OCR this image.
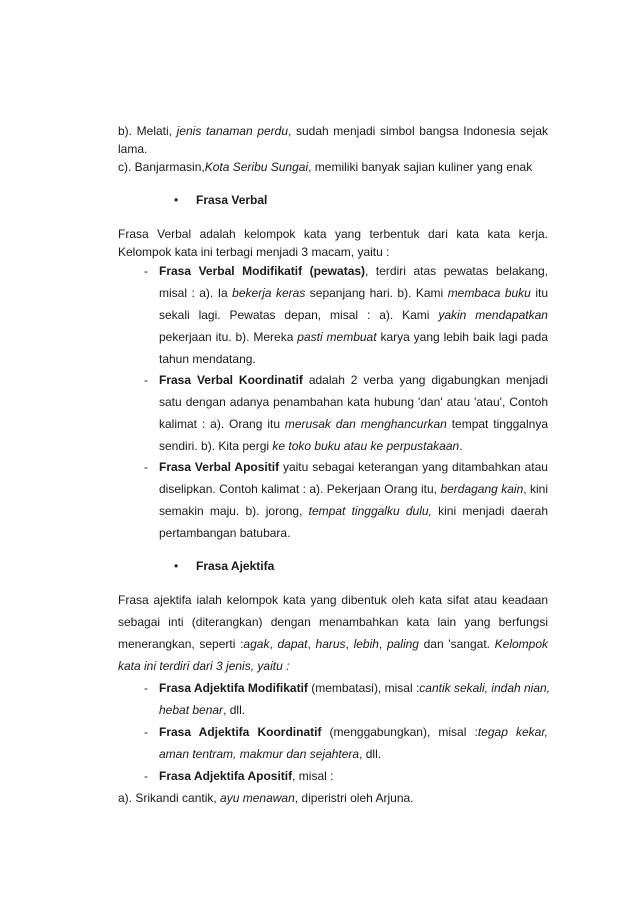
b). Melati, jenis tanaman perdu, sudah menjadi simbol bangsa Indonesia sejak
lama.
c). Banjarmasin,Kota Seribu Sungai, memiliki banyak sajian kuliner yang enak
• Frasa Verbal
Frasa Verbal adalah kelompok kata yang terbentuk dari kata kata kerja.
Kelompok kata ini terbagi menjadi 3 macam, yaitu :
- Frasa Verbal Modifikatif (pewatas), terdiri atas pewatas belakang,
misal : a). Ia bekerja keras sepanjang hari. b). Kami membaca buku itu
sekali lagi. Pewatas depan, misal : a). Kami yakin mendapatkan
pekerjaan itu. b). Mereka pasti membuat karya yang lebih baik lagi pada
tahun mendatang.
- Frasa Verbal Koordinatif adalah 2 verba yang digabungkan menjadi
satu dengan adanya penambahan kata hubung 'dan' atau 'atau', Contoh
kalimat : a). Orang itu merusak dan menghancurkan tempat tinggalnya
sendiri. b). Kita pergi ke toko buku atau ke perpustakaan.
- Frasa Verbal Apositif yaitu sebagai keterangan yang ditambahkan atau
diselipkan. Contoh kalimat : a). Pekerjaan Orang itu, berdagang kain, kini
semakin maju. b). jorong, tempat tinggalku dulu, kini menjadi daerah
pertambangan batubara.
• Frasa Ajektifa
Frasa ajektifa ialah kelompok kata yang dibentuk oleh kata sifat atau keadaan
sebagai inti (diterangkan) dengan menambahkan kata lain yang berfungsi
menerangkan, seperti :agak, dapat, harus, lebih, paling dan 'sangat. Kelompok
kata ini terdiri dari 3 jenis, yaitu :
- Frasa Adjektifa Modifikatif (membatasi), misal :cantik sekali, indah nian,
hebat benar, dll.
- Frasa Adjektifa Koordinatif (menggabungkan), misal :tegap kekar,
aman tentram, makmur dan sejahtera, dll.
- Frasa Adjektifa Apositif, misal :
a). Srikandi cantik, ayu menawan, diperistri oleh Arjuna.
